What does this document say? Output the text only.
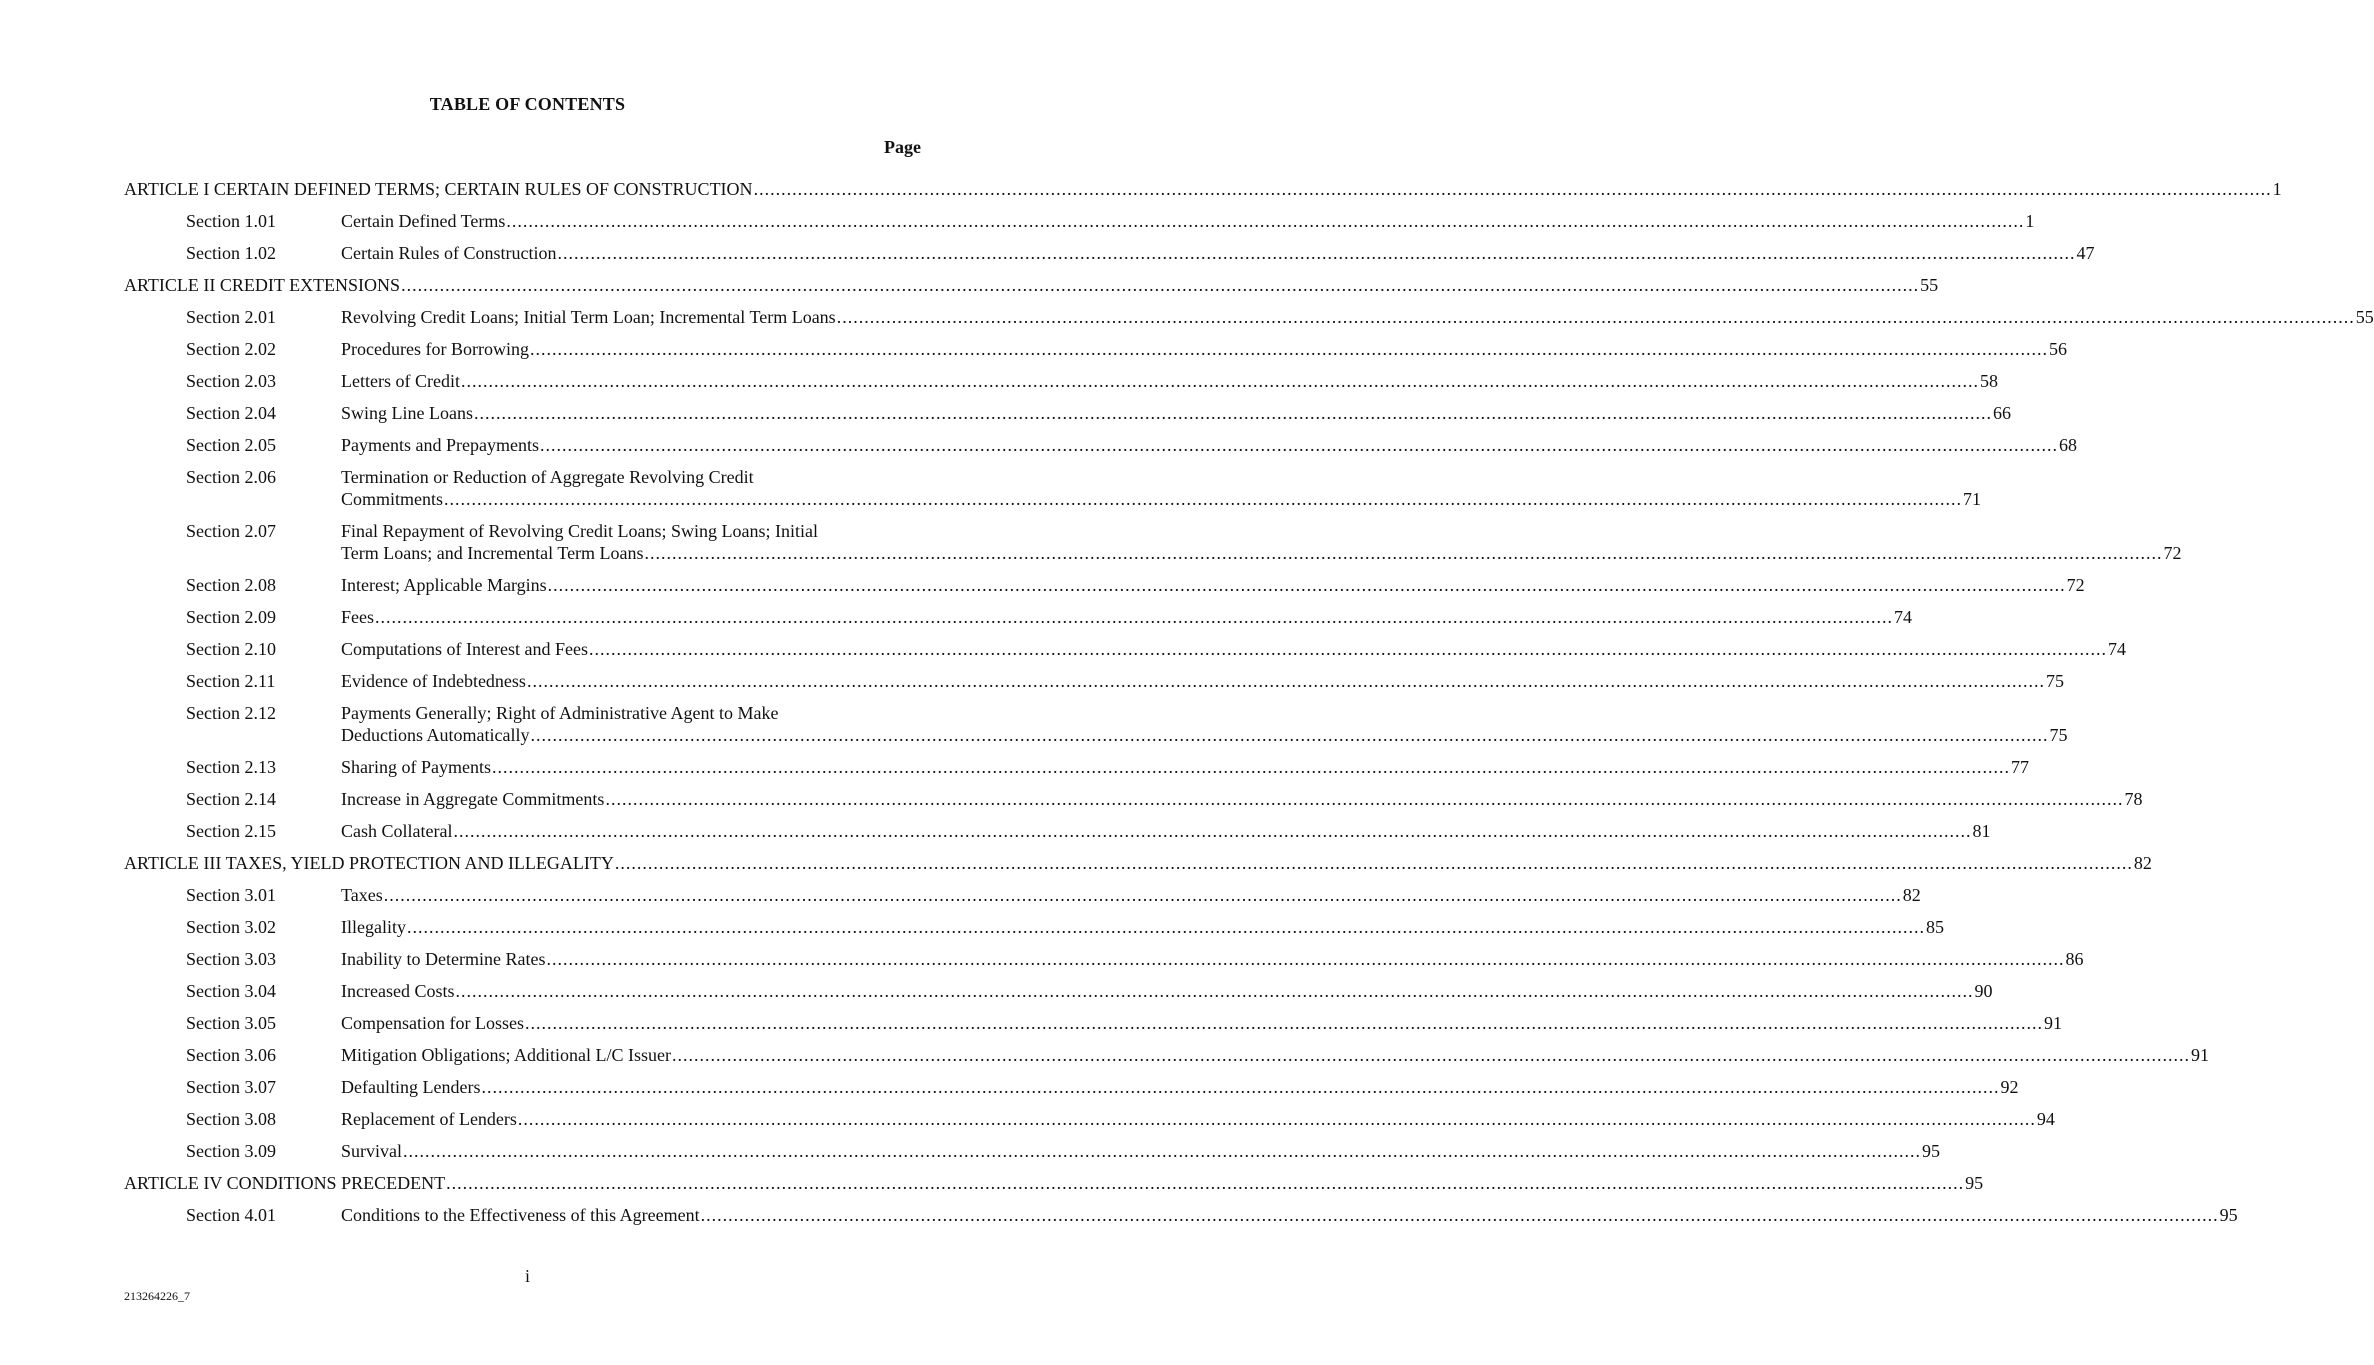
TABLE OF CONTENTS
Page
ARTICLE I CERTAIN DEFINED TERMS; CERTAIN RULES OF CONSTRUCTION .....	1
Section 1.01	Certain Defined Terms .....	1
Section 1.02	Certain Rules of Construction .....	47
ARTICLE II CREDIT EXTENSIONS .....	55
Section 2.01	Revolving Credit Loans; Initial Term Loan; Incremental Term Loans .....	55
Section 2.02	Procedures for Borrowing .....	56
Section 2.03	Letters of Credit .....	58
Section 2.04	Swing Line Loans .....	66
Section 2.05	Payments and Prepayments .....	68
Section 2.06	Termination or Reduction of Aggregate Revolving Credit
Commitments .....	71
Section 2.07	Final Repayment of Revolving Credit Loans; Swing Loans; Initial
Term Loans; and Incremental Term Loans .....	72
Section 2.08	Interest; Applicable Margins .....	72
Section 2.09	Fees .....	74
Section 2.10	Computations of Interest and Fees .....	74
Section 2.11	Evidence of Indebtedness .....	75
Section 2.12	Payments Generally; Right of Administrative Agent to Make
Deductions Automatically .....	75
Section 2.13	Sharing of Payments .....	77
Section 2.14	Increase in Aggregate Commitments .....	78
Section 2.15	Cash Collateral .....	81
ARTICLE III TAXES, YIELD PROTECTION AND ILLEGALITY .....	82
Section 3.01	Taxes .....	82
Section 3.02	Illegality .....	85
Section 3.03	Inability to Determine Rates .....	86
Section 3.04	Increased Costs .....	90
Section 3.05	Compensation for Losses .....	91
Section 3.06	Mitigation Obligations; Additional L/C Issuer .....	91
Section 3.07	Defaulting Lenders .....	92
Section 3.08	Replacement of Lenders .....	94
Section 3.09	Survival .....	95
ARTICLE IV CONDITIONS PRECEDENT .....	95
Section 4.01	Conditions to the Effectiveness of this Agreement .....	95
i
213264226_7
